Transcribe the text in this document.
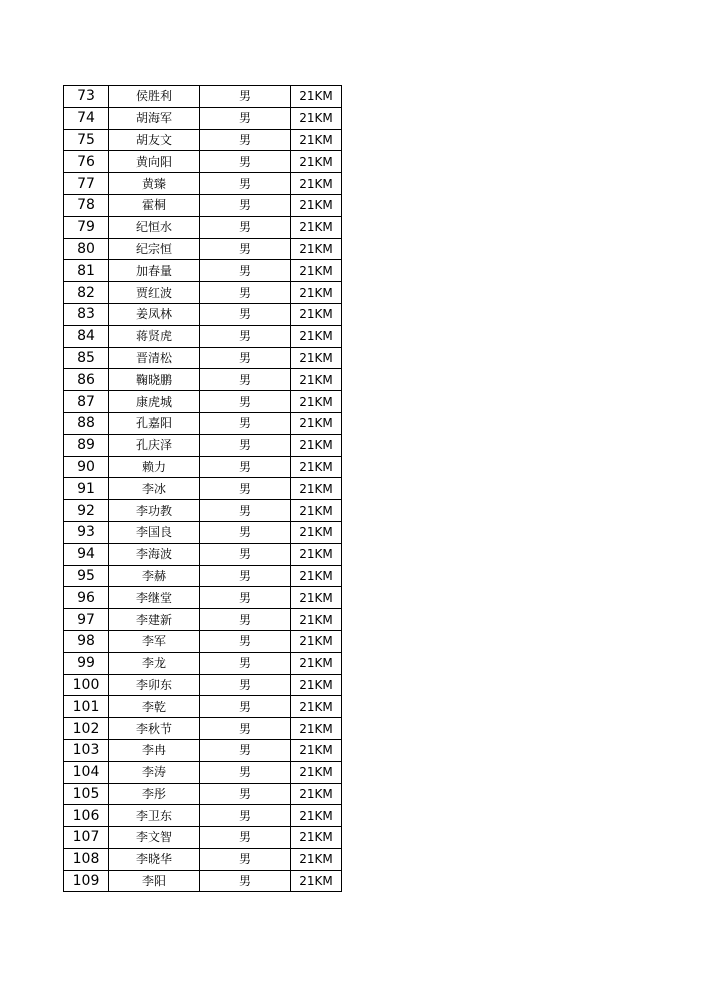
73	侯胜利	男	21KM
74	胡海军	男	21KM
75	胡友文	男	21KM
76	黄向阳	男	21KM
77	黄臻	男	21KM
78	霍桐	男	21KM
79	纪恒水	男	21KM
80	纪宗恒	男	21KM
81	加春量	男	21KM
82	贾红波	男	21KM
83	姜凤林	男	21KM
84	蒋贤虎	男	21KM
85	晋清松	男	21KM
86	鞠晓鹏	男	21KM
87	康虎城	男	21KM
88	孔嘉阳	男	21KM
89	孔庆泽	男	21KM
90	赖力	男	21KM
91	李冰	男	21KM
92	李功教	男	21KM
93	李国良	男	21KM
94	李海波	男	21KM
95	李赫	男	21KM
96	李继堂	男	21KM
97	李建新	男	21KM
98	李军	男	21KM
99	李龙	男	21KM
100	李卯东	男	21KM
101	李乾	男	21KM
102	李秋节	男	21KM
103	李冉	男	21KM
104	李涛	男	21KM
105	李彤	男	21KM
106	李卫东	男	21KM
107	李文智	男	21KM
108	李晓华	男	21KM
109	李阳	男	21KM
